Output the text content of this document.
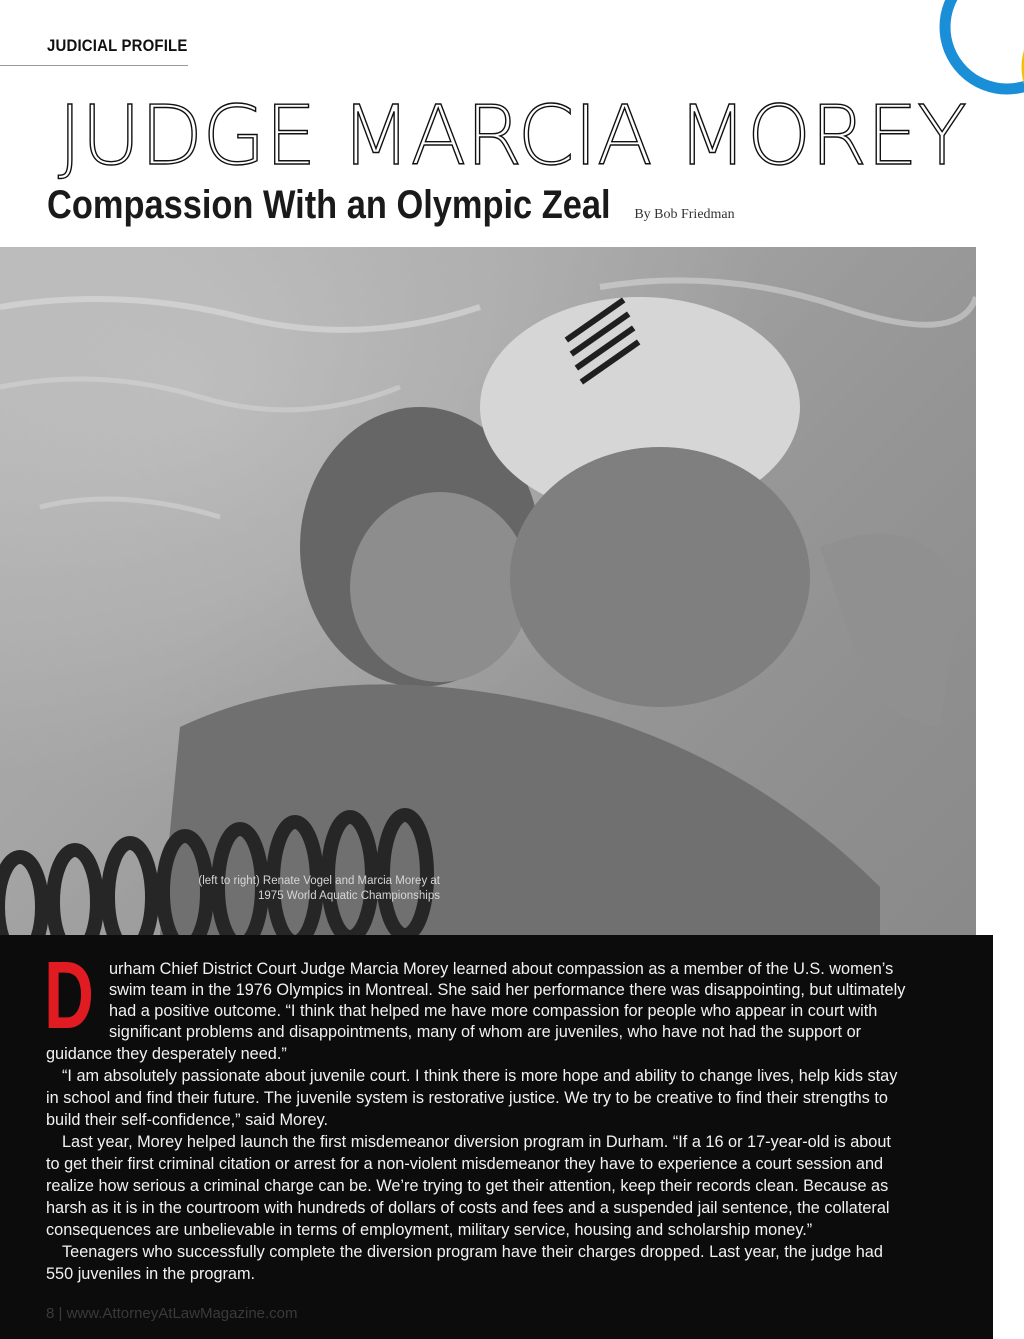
JUDICIAL PROFILE
JUDGE MARCIA MOREY
Compassion With an Olympic Zeal By Bob Friedman
(left to right) Renate Vogel and Marcia Morey at
1975 World Aquatic Championships
D urham Chief District Court Judge Marcia Morey learned about compassion as a member of the U.S. women’s

swim team in the 1976 Olympics in Montreal. She said her performance there was disappointing, but ultimately

had a positive outcome. “I think that helped me have more compassion for people who appear in court with

significant problems and disappointments, many of whom are juveniles, who have not had the support or

guidance they desperately need.”

“I am absolutely passionate about juvenile court. I think there is more hope and ability to change lives, help kids stay

in school and find their future. The juvenile system is restorative justice. We try to be creative to find their strengths to

build their self-confidence,” said Morey.

Last year, Morey helped launch the first misdemeanor diversion program in Durham. “If a 16 or 17-year-old is about

to get their first criminal citation or arrest for a non-violent misdemeanor they have to experience a court session and

realize how serious a criminal charge can be. We’re trying to get their attention, keep their records clean. Because as

harsh as it is in the courtroom with hundreds of dollars of costs and fees and a suspended jail sentence, the collateral

consequences are unbelievable in terms of employment, military service, housing and scholarship money.”

Teenagers who successfully complete the diversion program have their charges dropped. Last year, the judge had

550 juveniles in the program.

8 | www.AttorneyAtLawMagazine.com
